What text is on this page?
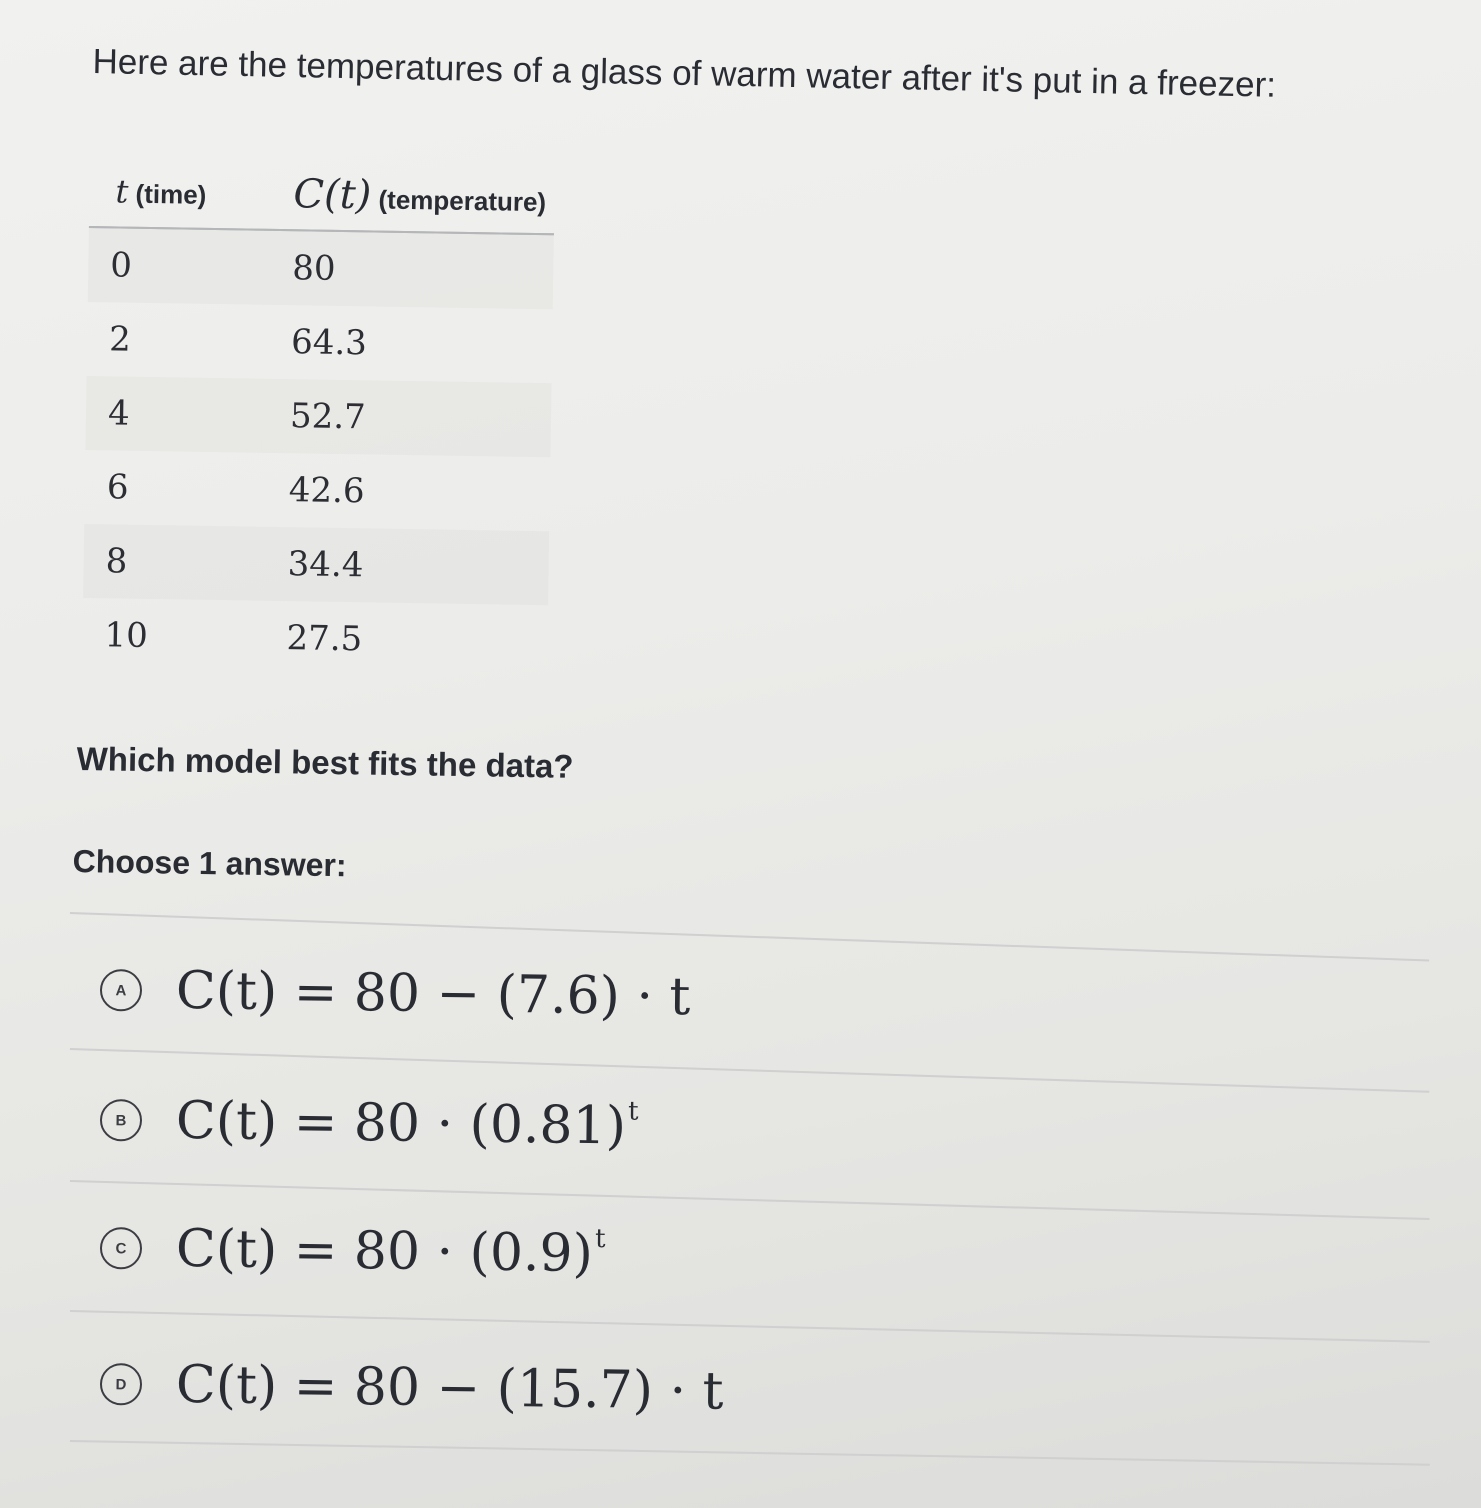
Here are the temperatures of a glass of warm water after it's put in a freezer:

t (time)	C(t) (temperature)
0	80
2	64.3
4	52.7
6	42.6
8	34.4
10	27.5

Which model best fits the data?

Choose 1 answer:
A C(t) = 80 − (7.6) · t
B $C(t) = 80 \cdot (0.81)^t$
C $C(t) = 80 \cdot (0.9)^t$
D C(t) = 80 − (15.7) · t
